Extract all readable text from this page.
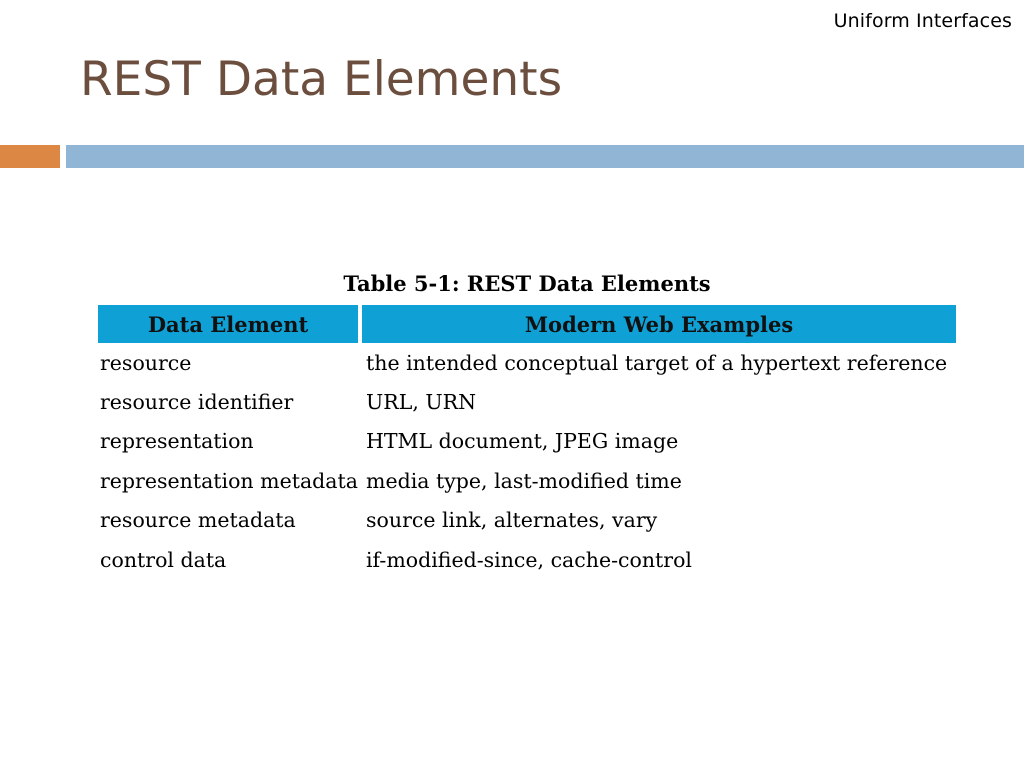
Uniform Interfaces
REST Data Elements
Table 5-1: REST Data Elements
Data Element	Modern Web Examples
resource	the intended conceptual target of a hypertext reference
resource identifier	URL, URN
representation	HTML document, JPEG image
representation metadata	media type, last-modified time
resource metadata	source link, alternates, vary
control data	if-modified-since, cache-control
